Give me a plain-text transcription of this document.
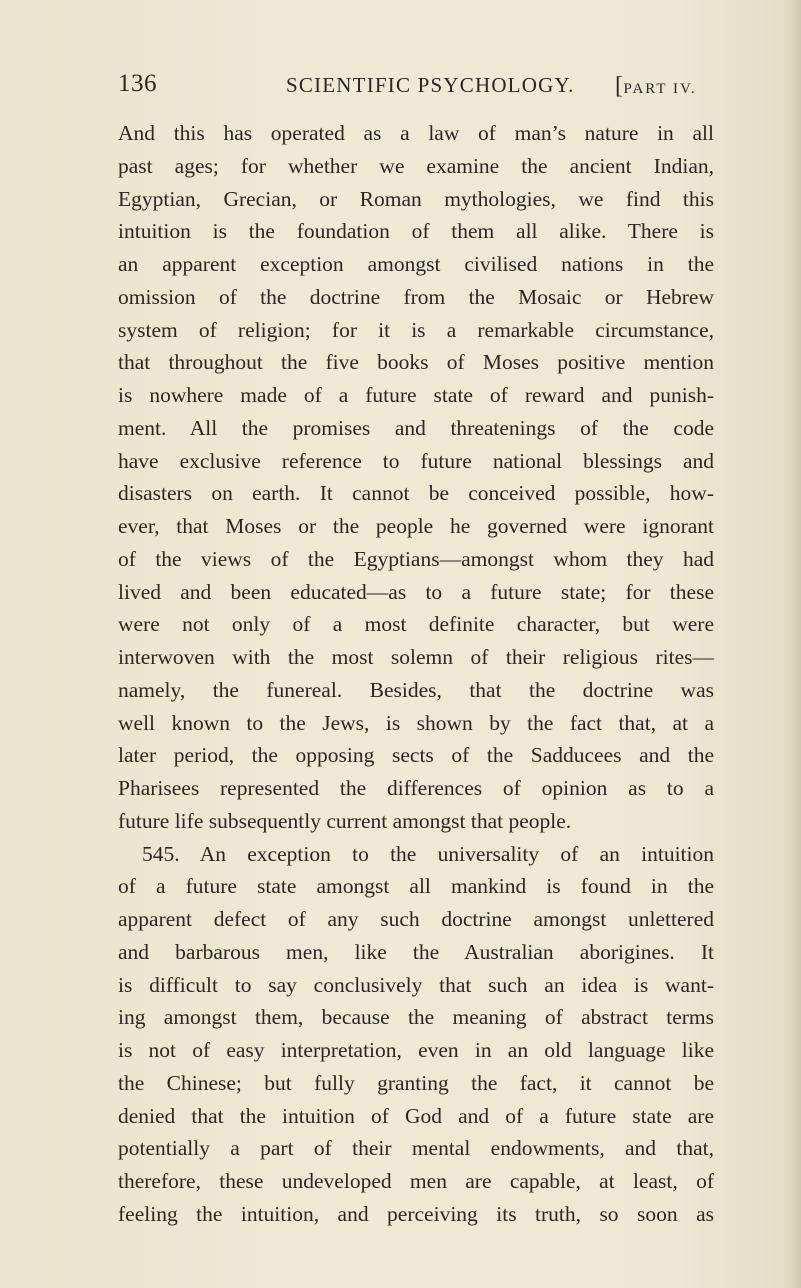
136	SCIENTIFIC PSYCHOLOGY. [PART IV.
And this has operated as a law of man’s nature in all
past ages; for whether we examine the ancient Indian,
Egyptian, Grecian, or Roman mythologies, we find this
intuition is the foundation of them all alike. There is
an apparent exception amongst civilised nations in the
omission of the doctrine from the Mosaic or Hebrew
system of religion; for it is a remarkable circumstance,
that throughout the five books of Moses positive mention
is nowhere made of a future state of reward and punish-
ment. All the promises and threatenings of the code
have exclusive reference to future national blessings and
disasters on earth. It cannot be conceived possible, how-
ever, that Moses or the people he governed were ignorant
of the views of the Egyptians—amongst whom they had
lived and been educated—as to a future state; for these
were not only of a most definite character, but were
interwoven with the most solemn of their religious rites—
namely, the funereal. Besides, that the doctrine was
well known to the Jews, is shown by the fact that, at a
later period, the opposing sects of the Sadducees and the
Pharisees represented the differences of opinion as to a
future life subsequently current amongst that people.
545. An exception to the universality of an intuition
of a future state amongst all mankind is found in the
apparent defect of any such doctrine amongst unlettered
and barbarous men, like the Australian aborigines. It
is difficult to say conclusively that such an idea is want-
ing amongst them, because the meaning of abstract terms
is not of easy interpretation, even in an old language like
the Chinese; but fully granting the fact, it cannot be
denied that the intuition of God and of a future state are
potentially a part of their mental endowments, and that,
therefore, these undeveloped men are capable, at least, of
feeling the intuition, and perceiving its truth, so soon as
